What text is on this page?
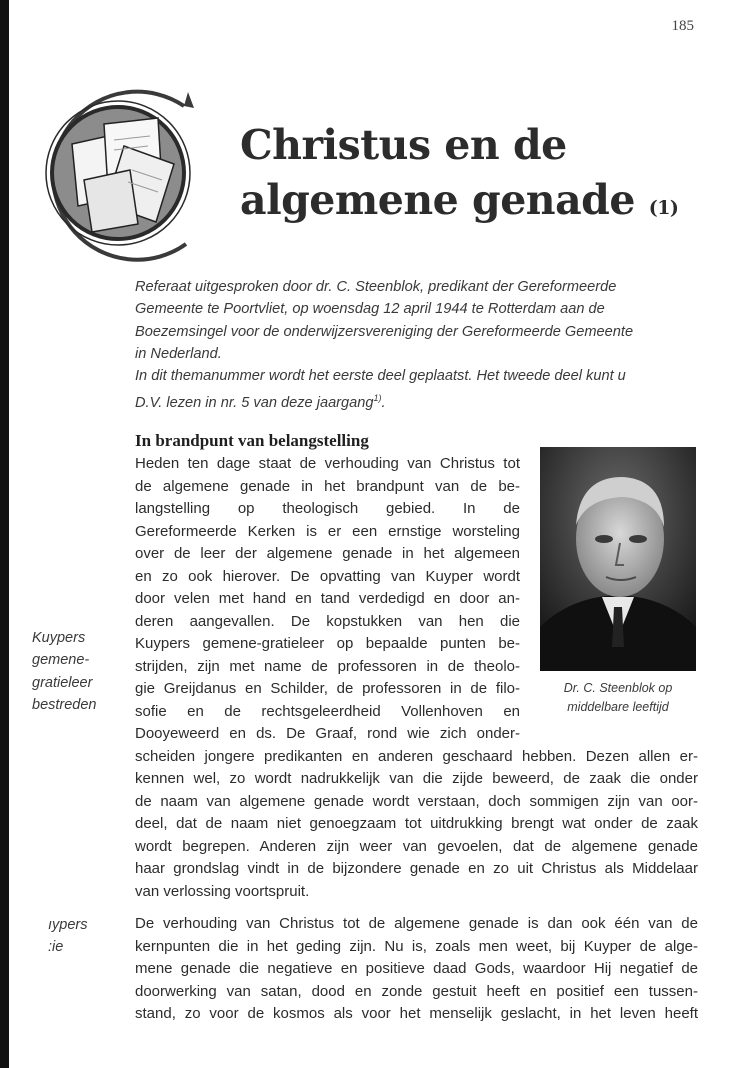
185
Christus en de
algemene genade (1)

Referaat uitgesproken door dr. C. Steenblok, predikant der Gereformeerde
Gemeente te Poortvliet, op woensdag 12 april 1944 te Rotterdam aan de
Boezemsingel voor de onderwijzersvereniging der Gereformeerde Gemeente
in Nederland.

In dit themanummer wordt het eerste deel geplaatst. Het tweede deel kunt u
D.V. lezen in nr. 5 van deze jaargang$^{1)}$.

In brandpunt van belangstelling
Heden ten dage staat de verhouding van Christus tot
de algemene genade in het brandpunt van de be-
langstelling op theologisch gebied. In de
Gereformeerde Kerken is er een ernstige worsteling
over de leer der algemene genade in het algemeen
en zo ook hierover. De opvatting van Kuyper wordt
door velen met hand en tand verdedigd en door an-
deren aangevallen. De kopstukken van hen die
Kuypers gemene-gratieleer op bepaalde punten be-
strijden, zijn met name de professoren in de theolo-
gie Greijdanus en Schilder, de professoren in de filo-
sofie en de rechtsgeleerdheid Vollenhoven en
Dooyeweerd en ds. De Graaf, rond wie zich onder-
scheiden jongere predikanten en anderen geschaard hebben. Dezen allen er-
kennen wel, zo wordt nadrukkelijk van die zijde beweerd, de zaak die onder
de naam van algemene genade wordt verstaan, doch sommigen zijn van oor-
deel, dat de naam niet genoegzaam tot uitdrukking brengt wat onder de zaak
wordt begrepen. Anderen zijn weer van gevoelen, dat de algemene genade
haar grondslag vindt in de bijzondere genade en zo uit Christus als Middelaar
van verlossing voortspruit.
Dr. C. Steenblok op
middelbare leeftijd
Kuypers
gemene-
gratieleer
bestreden
ıypers
:ie
De verhouding van Christus tot de algemene genade is dan ook één van de
kernpunten die in het geding zijn. Nu is, zoals men weet, bij Kuyper de alge-
mene genade die negatieve en positieve daad Gods, waardoor Hij negatief de
doorwerking van satan, dood en zonde gestuit heeft en positief een tussen-
stand, zo voor de kosmos als voor het menselijk geslacht, in het leven heeft
